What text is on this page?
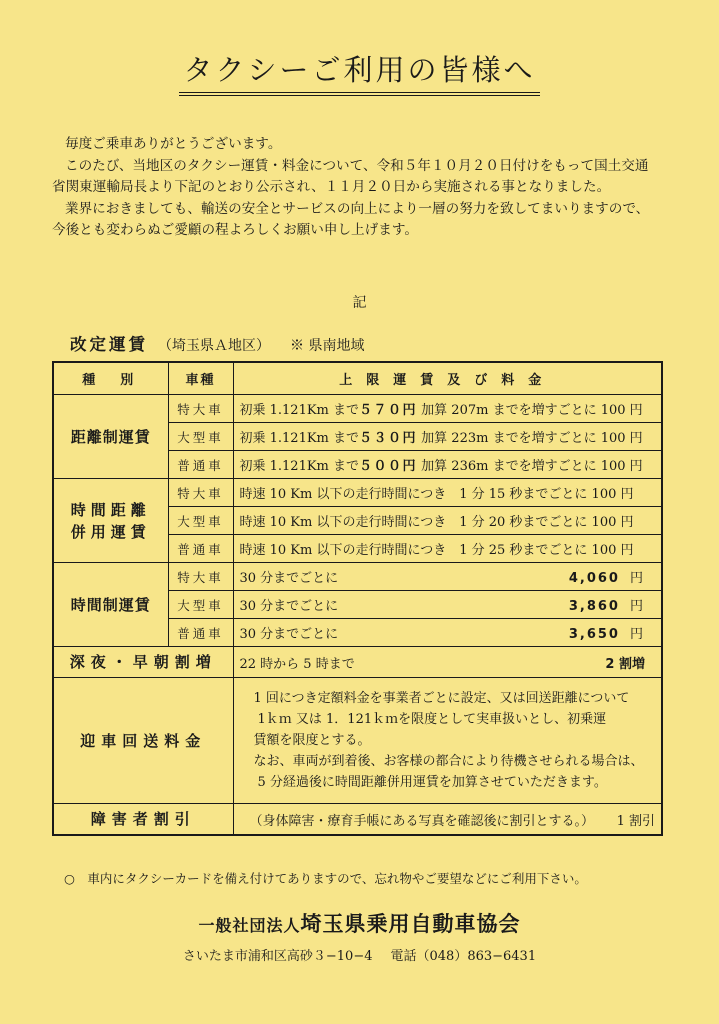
タクシーご利用の皆様へ

毎度ご乗車ありがとうございます。

このたび、当地区のタクシー運賃・料金について、令和５年１０月２０日付けをもって国土交通

省関東運輸局長より下記のとおり公示され、１１月２０日から実施される事となりました。

業界におきましても、輸送の安全とサービスの向上により一層の努力を致してまいりますので、

今後とも変わらぬご愛顧の程よろしくお願い申し上げます。

記
改定運賃 （埼玉県Ａ地区） ※ 県南地域
種　別	車種	上限運賃及び料金
距離制運賃	特大車	初乗 1.121Km まで５７０円 加算 207m までを増すごとに 100 円
	大型車	初乗 1.121Km まで５３０円 加算 223m までを増すごとに 100 円
	普通車	初乗 1.121Km まで５００円 加算 236m までを増すごとに 100 円

時間距離
併用運賃	特大車	時速 10 Km 以下の走行時間につき　1 分 15 秒までごとに 100 円
	大型車	時速 10 Km 以下の走行時間につき　1 分 20 秒までごとに 100 円
	普通車	時速 10 Km 以下の走行時間につき　1 分 25 秒までごとに 100 円
時間制運賃	特大車	30 分までごとに 4,060 円

	大型車	30 分までごとに 3,860 円

	普通車	30 分までごとに 3,650 円

深夜・早朝割増		22 時から 5 時まで 2 割増

迎車回送料金		1 回につき定額料金を事業者ごとに設定、又は回送距離について

1ｋｍ 又は 1．121ｋｍを限度として実車扱いとし、初乗運

賃額を限度とする。

なお、車両が到着後、お客様の都合により待機させられる場合は、

5 分経過後に時間距離併用運賃を加算させていただきます。

障害者割引		（身体障害・療育手帳にある写真を確認後に割引とする。） 1 割引
○　車内にタクシーカードを備え付けてありますので、忘れ物やご要望などにご利用下さい。
一般社団法人埼玉県乗用自動車協会
さいたま市浦和区高砂３−10−4 電話（048）863−6431
